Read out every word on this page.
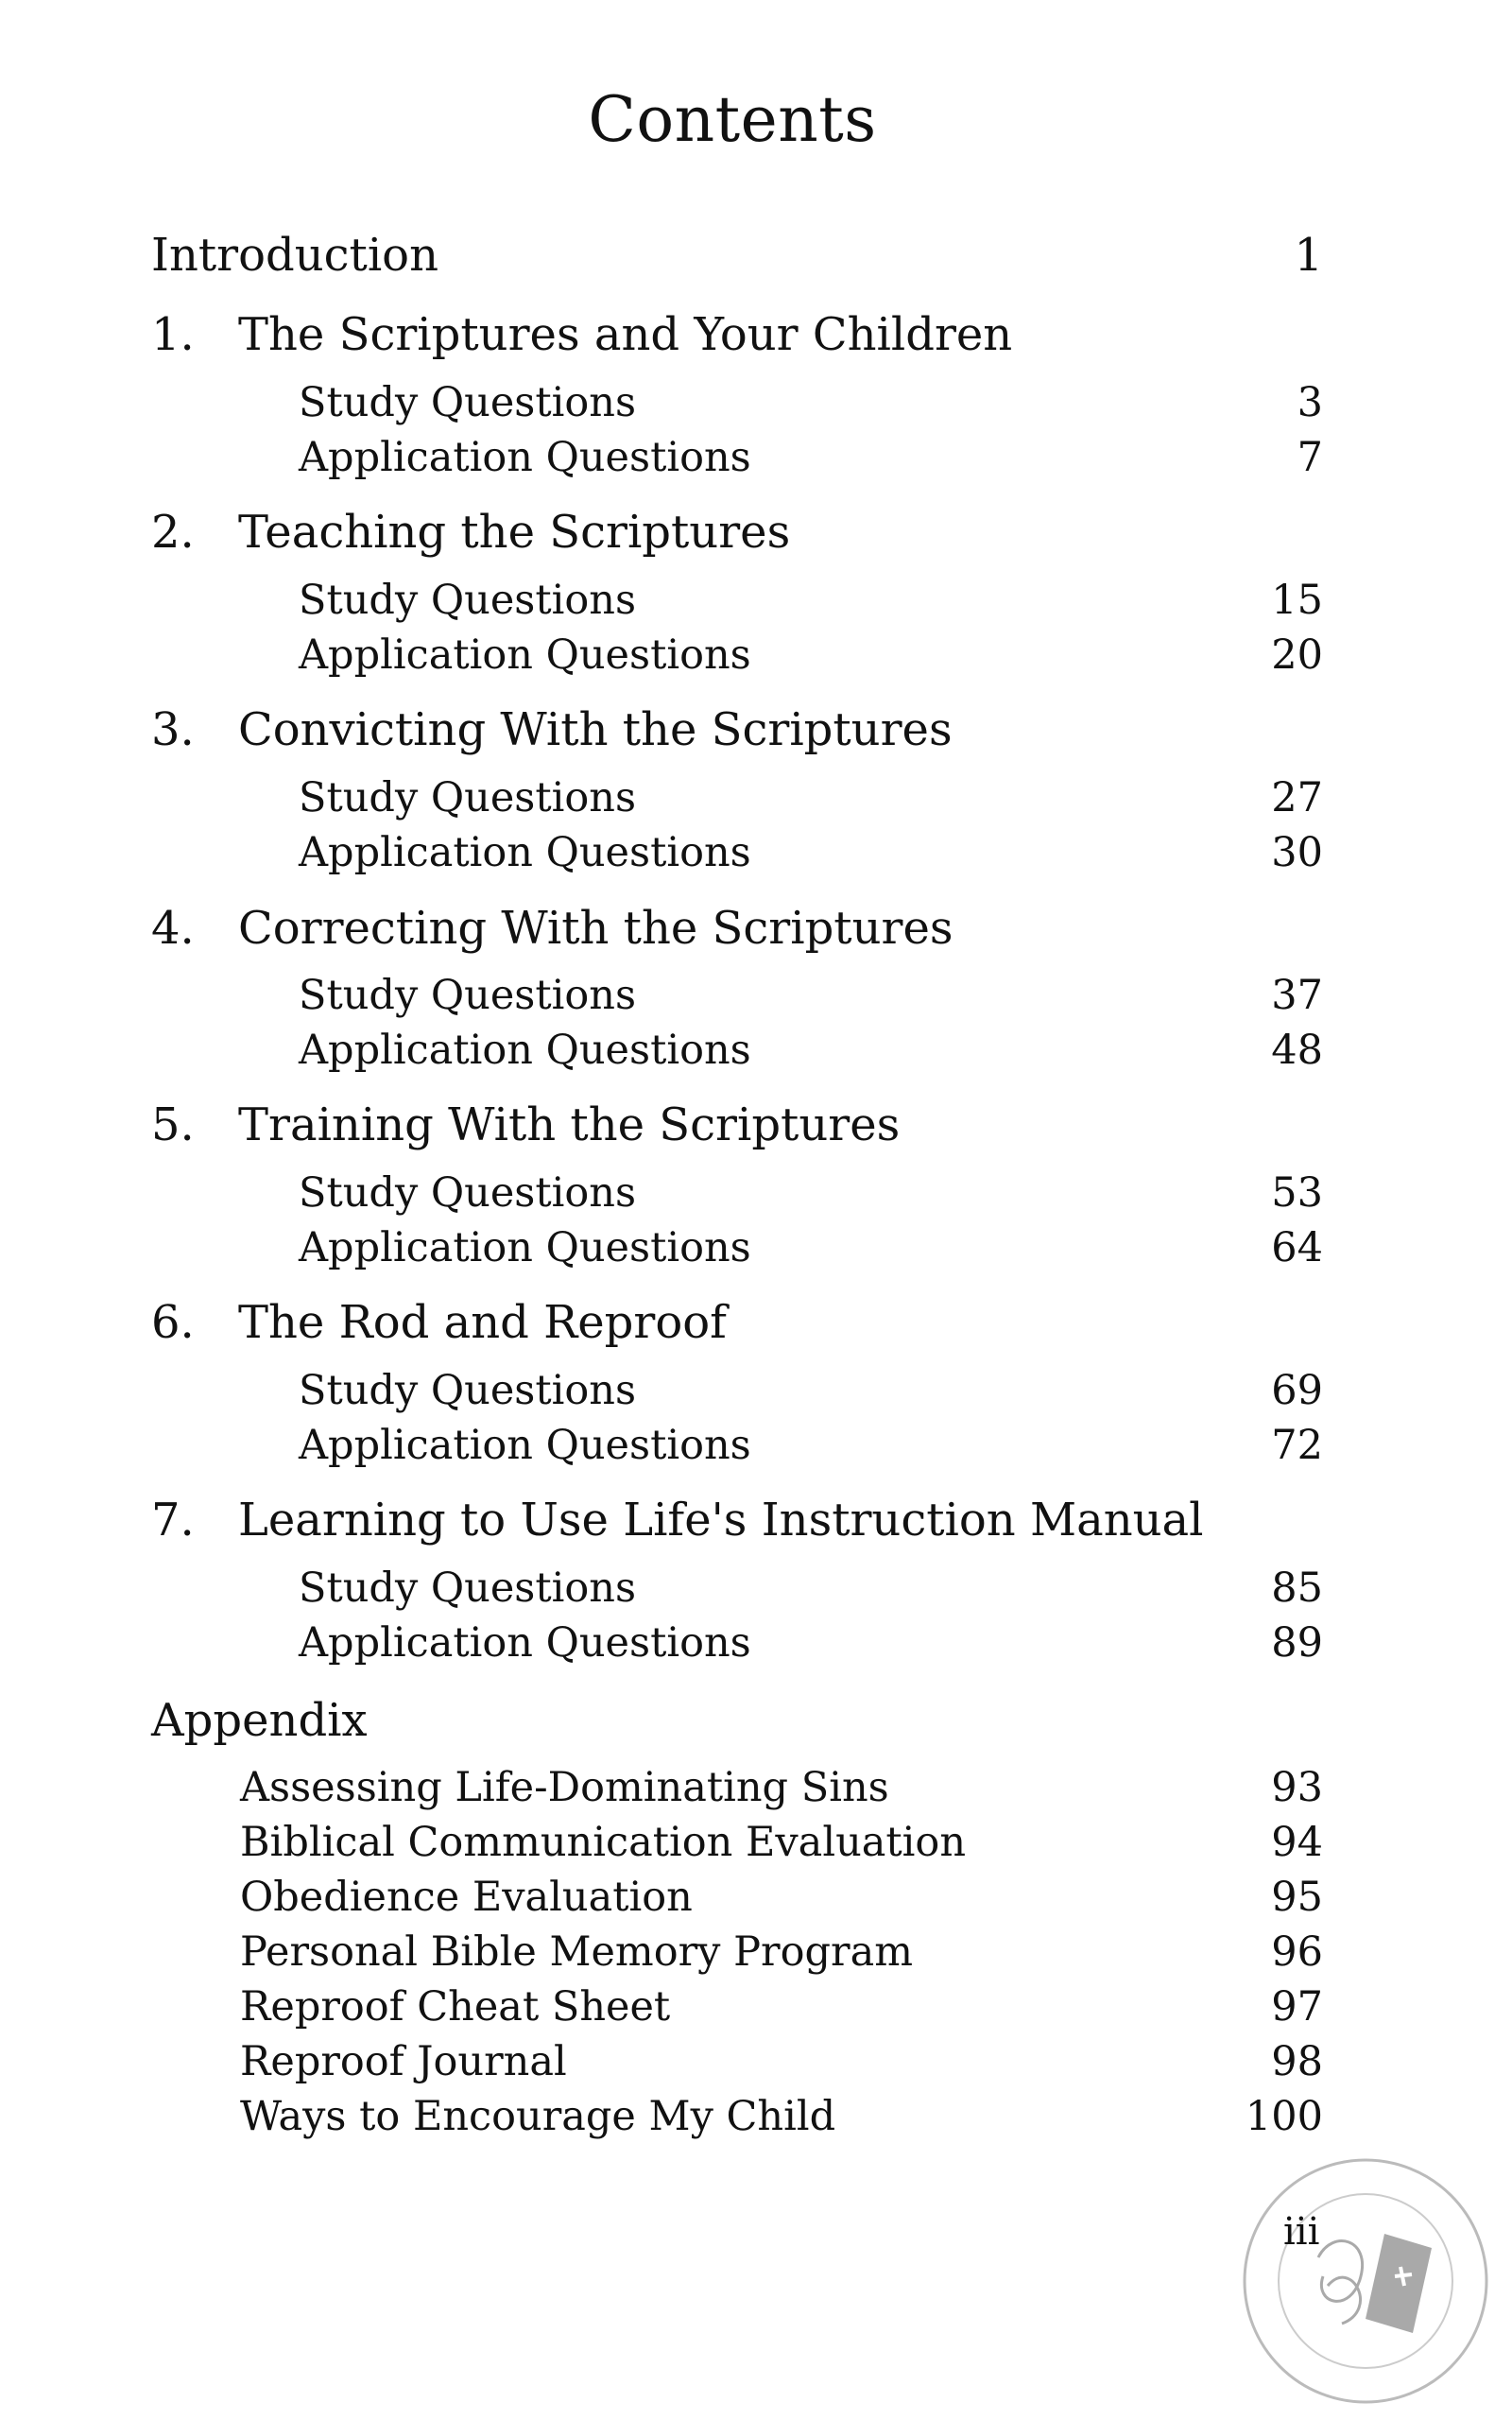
Contents
Introduction	1
1. The Scriptures and Your Children
Study Questions	3
Application Questions	7
2. Teaching the Scriptures
Study Questions	15
Application Questions	20
3. Convicting With the Scriptures
Study Questions	27
Application Questions	30
4. Correcting With the Scriptures
Study Questions	37
Application Questions	48
5. Training With the Scriptures
Study Questions	53
Application Questions	64
6. The Rod and Reproof
Study Questions	69
Application Questions	72
7. Learning to Use Life's Instruction Manual
Study Questions	85
Application Questions	89
Appendix
Assessing Life-Dominating Sins	93
Biblical Communication Evaluation	94
Obedience Evaluation	95
Personal Bible Memory Program	96
Reproof Cheat Sheet	97
Reproof Journal	98
Ways to Encourage My Child	100
iii
